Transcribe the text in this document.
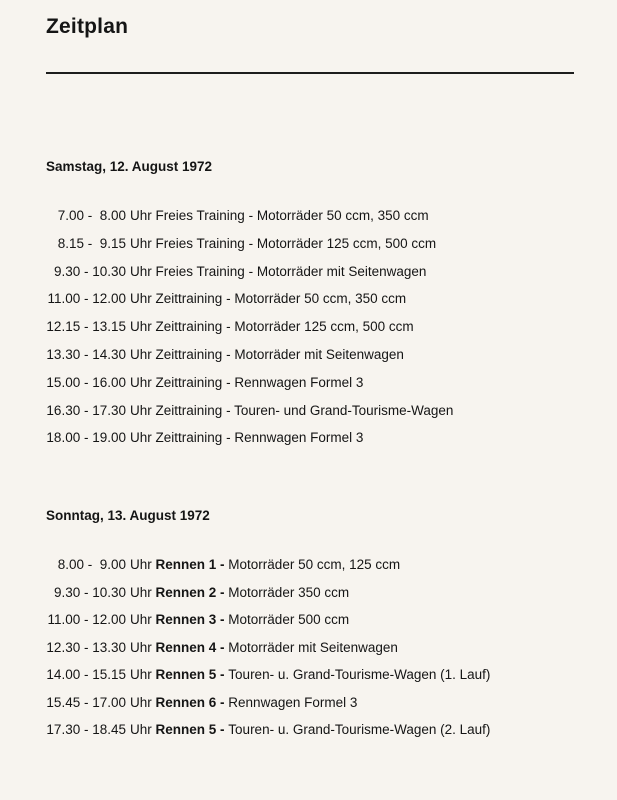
Zeitplan
Samstag, 12. August 1972
7.00 -  8.00 Uhr Freies Training - Motorräder 50 ccm, 350 ccm
8.15 -  9.15 Uhr Freies Training - Motorräder 125 ccm, 500 ccm
9.30 - 10.30 Uhr Freies Training - Motorräder mit Seitenwagen
11.00 - 12.00 Uhr Zeittraining - Motorräder 50 ccm, 350 ccm
12.15 - 13.15 Uhr Zeittraining - Motorräder 125 ccm, 500 ccm
13.30 - 14.30 Uhr Zeittraining - Motorräder mit Seitenwagen
15.00 - 16.00 Uhr Zeittraining - Rennwagen Formel 3
16.30 - 17.30 Uhr Zeittraining - Touren- und Grand-Tourisme-Wagen
18.00 - 19.00 Uhr Zeittraining - Rennwagen Formel 3
Sonntag, 13. August 1972
8.00 -  9.00 Uhr Rennen 1 - Motorräder 50 ccm, 125 ccm
9.30 - 10.30 Uhr Rennen 2 - Motorräder 350 ccm
11.00 - 12.00 Uhr Rennen 3 - Motorräder 500 ccm
12.30 - 13.30 Uhr Rennen 4 - Motorräder mit Seitenwagen
14.00 - 15.15 Uhr Rennen 5 - Touren- u. Grand-Tourisme-Wagen (1. Lauf)
15.45 - 17.00 Uhr Rennen 6 - Rennwagen Formel 3
17.30 - 18.45 Uhr Rennen 5 - Touren- u. Grand-Tourisme-Wagen (2. Lauf)
